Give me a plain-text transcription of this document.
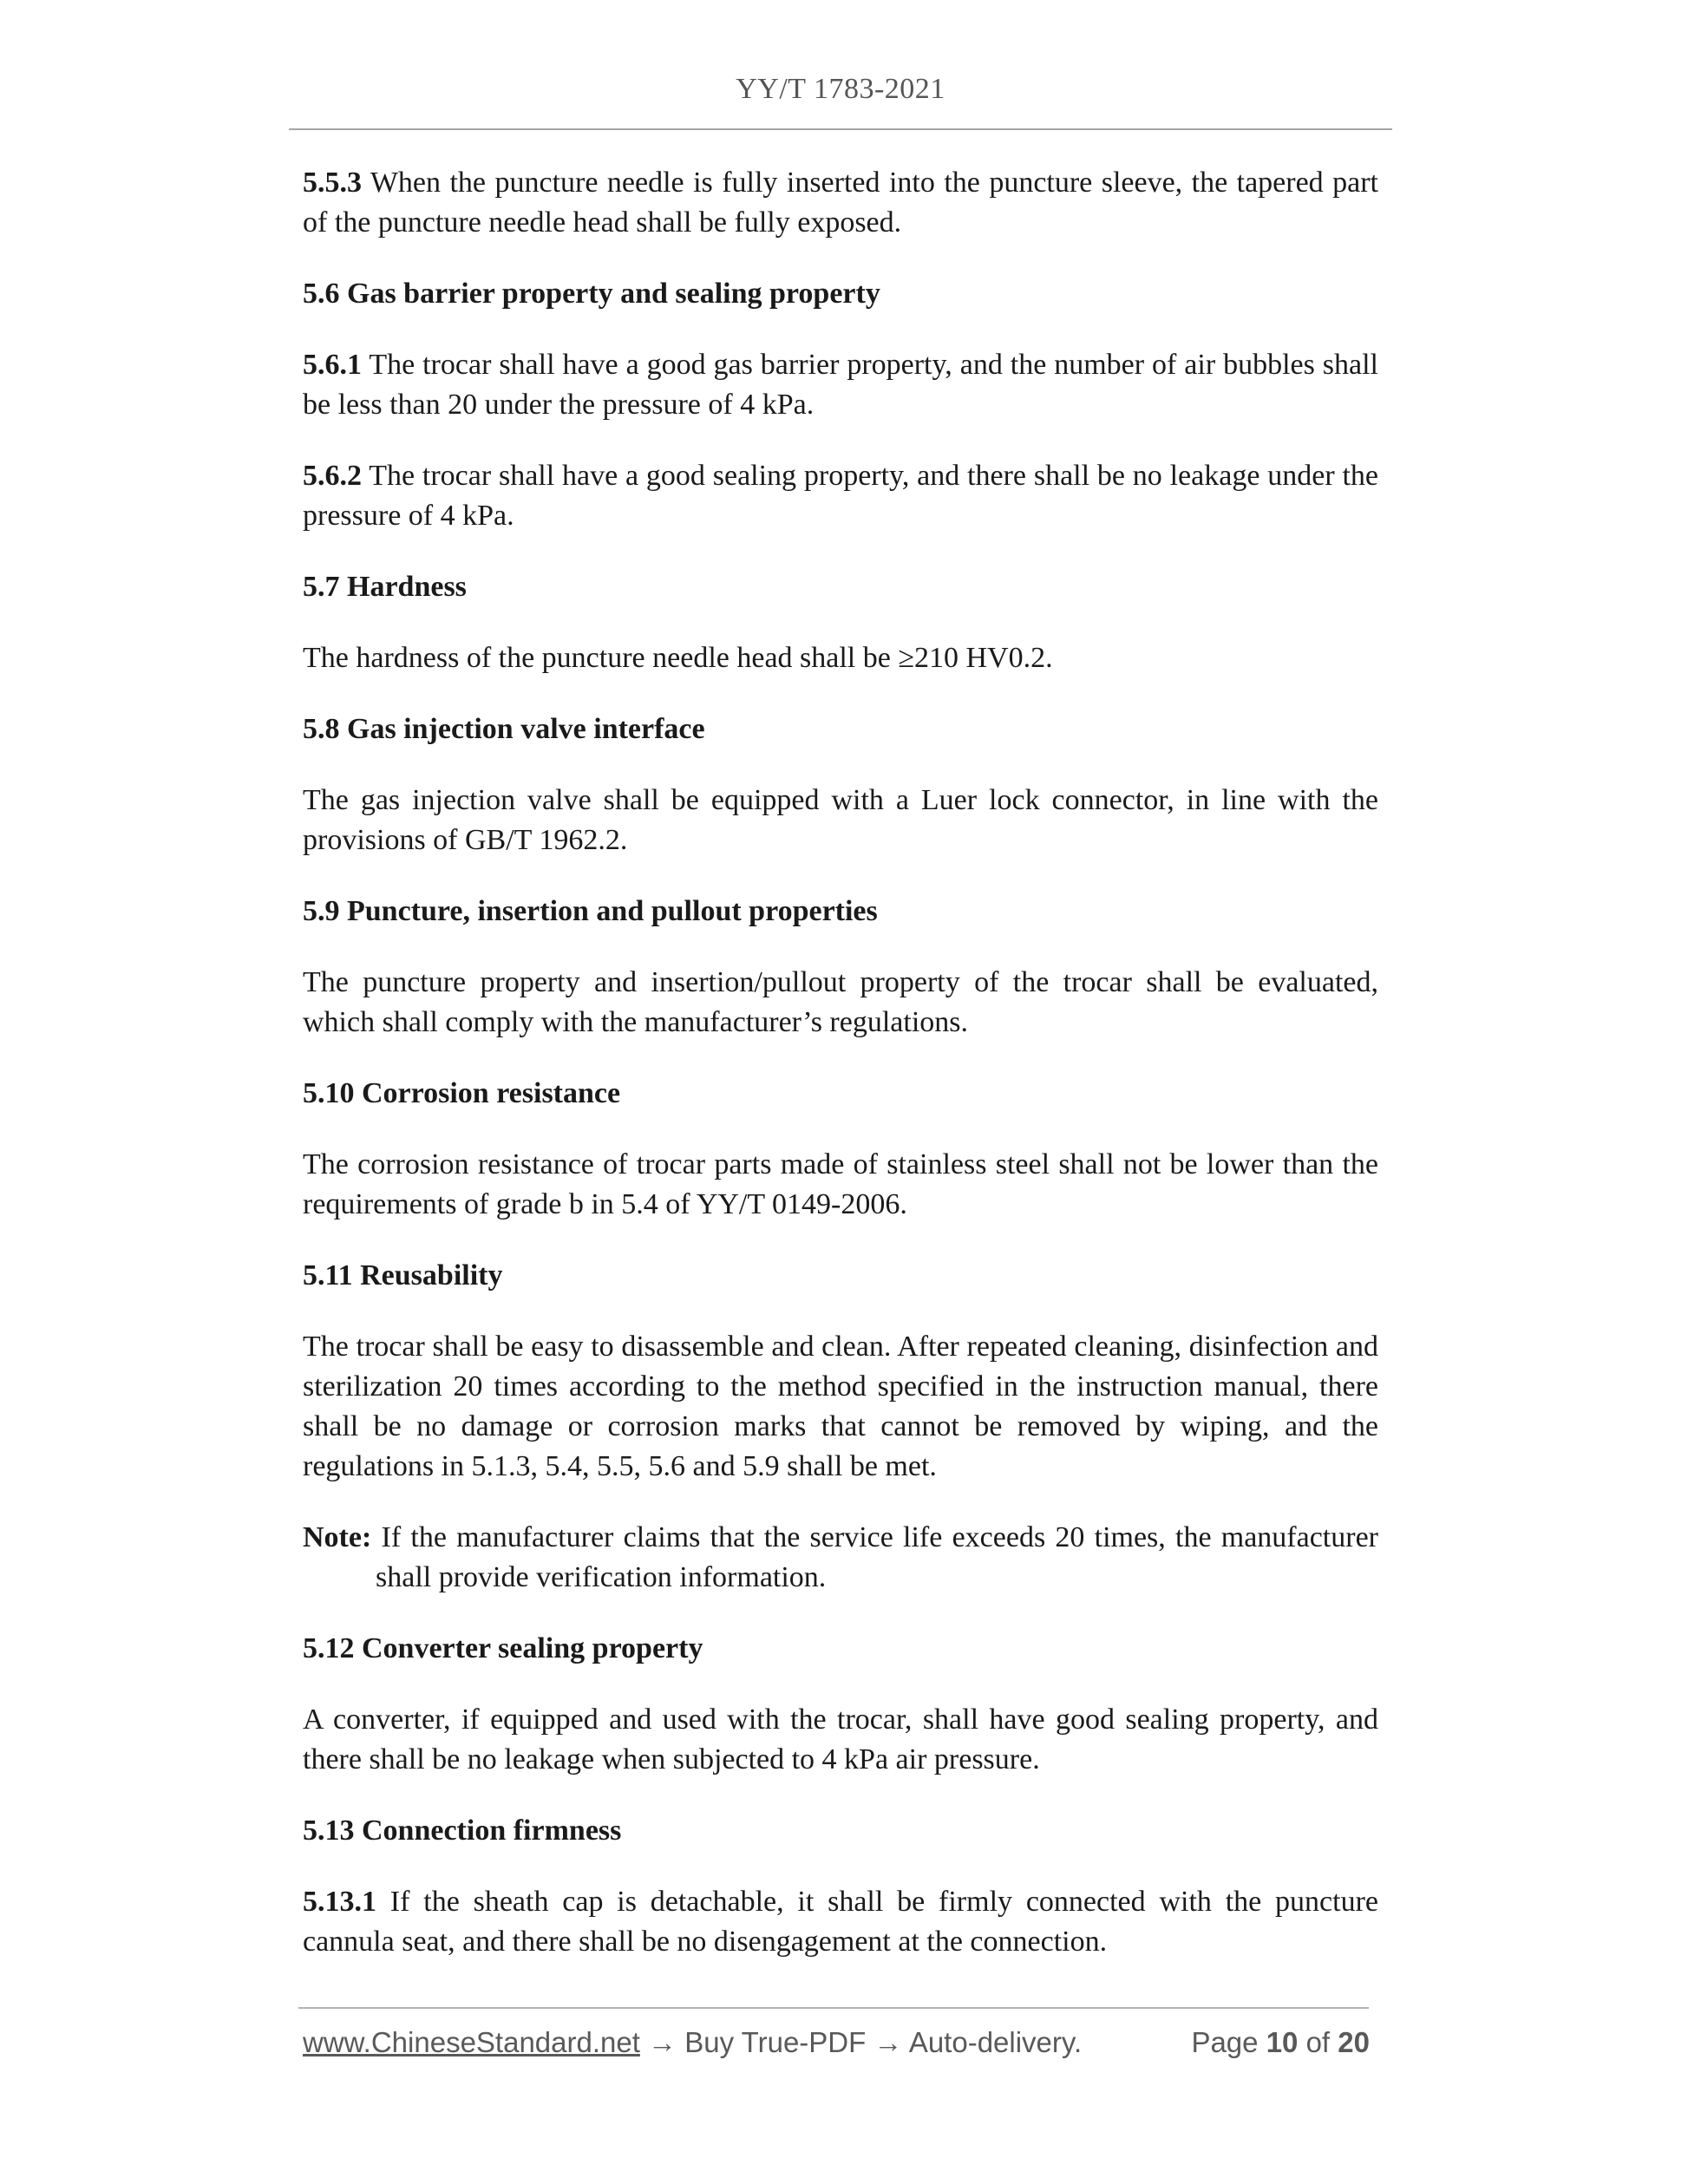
YY/T 1783-2021

5.5.3 When the puncture needle is fully inserted into the puncture sleeve, the tapered part of the puncture needle head shall be fully exposed.

5.6 Gas barrier property and sealing property

5.6.1 The trocar shall have a good gas barrier property, and the number of air bubbles shall be less than 20 under the pressure of 4 kPa.

5.6.2 The trocar shall have a good sealing property, and there shall be no leakage under the pressure of 4 kPa.

5.7 Hardness

The hardness of the puncture needle head shall be ≥210 HV0.2.

5.8 Gas injection valve interface

The gas injection valve shall be equipped with a Luer lock connector, in line with the provisions of GB/T 1962.2.

5.9 Puncture, insertion and pullout properties

The puncture property and insertion/pullout property of the trocar shall be evaluated, which shall comply with the manufacturer’s regulations.

5.10 Corrosion resistance

The corrosion resistance of trocar parts made of stainless steel shall not be lower than the requirements of grade b in 5.4 of YY/T 0149-2006.

5.11 Reusability

The trocar shall be easy to disassemble and clean. After repeated cleaning, disinfection and sterilization 20 times according to the method specified in the instruction manual, there shall be no damage or corrosion marks that cannot be removed by wiping, and the regulations in 5.1.3, 5.4, 5.5, 5.6 and 5.9 shall be met.

Note: If the manufacturer claims that the service life exceeds 20 times, the manufacturer shall provide verification information.

5.12 Converter sealing property

A converter, if equipped and used with the trocar, shall have good sealing property, and there shall be no leakage when subjected to 4 kPa air pressure.

5.13 Connection firmness

5.13.1 If the sheath cap is detachable, it shall be firmly connected with the puncture cannula seat, and there shall be no disengagement at the connection.

www.ChineseStandard.net → Buy True-PDF → Auto-delivery.	Page 10 of 20
